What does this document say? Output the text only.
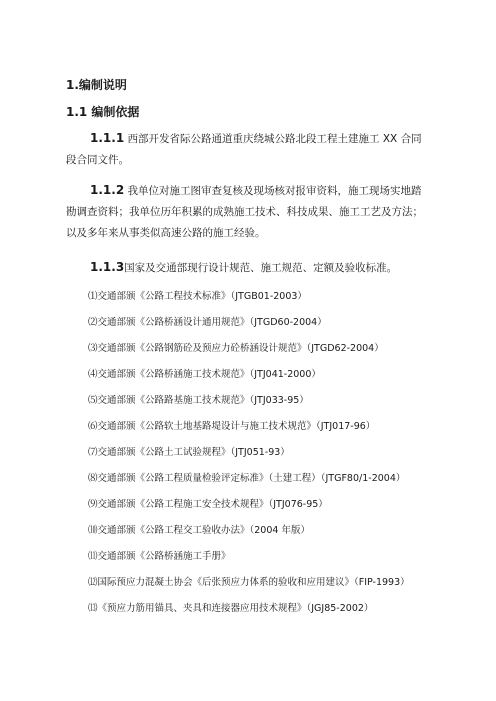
1.编制说明
1.1 编制依据
1.1.1 西部开发省际公路通道重庆绕城公路北段工程土建施工 XX 合同段合同文件。
1.1.2 我单位对施工图审查复核及现场核对报审资料，施工现场实地踏勘调查资料；我单位历年积累的成熟施工技术、科技成果、施工工艺及方法；以及多年来从事类似高速公路的施工经验。
1.1.3国家及交通部现行设计规范、施工规范、定额及验收标准。
⑴交通部颁《公路工程技术标准》（JTGB01-2003）
⑵交通部颁《公路桥涵设计通用规范》（JTGD60-2004）
⑶交通部颁《公路钢筋砼及预应力砼桥涵设计规范》（JTGD62-2004）
⑷交通部颁《公路桥涵施工技术规范》（JTJ041-2000）
⑸交通部颁《公路路基施工技术规范》（JTJ033-95）
⑹交通部颁《公路软土地基路堤设计与施工技术规范》（JTJ017-96）
⑺交通部颁《公路土工试验规程》（JTJ051-93）
⑻交通部颁《公路工程质量检验评定标准》（土建工程）（JTGF80/1-2004）
⑼交通部颁《公路工程施工安全技术规程》（JTJ076-95）
⑽交通部颁《公路工程交工验收办法》（2004 年版）
⑾交通部颁《公路桥涵施工手册》
⑿国际预应力混凝土协会《后张预应力体系的验收和应用建议》（FIP-1993）
⒀《预应力筋用锚具、夹具和连接器应用技术规程》（JGJ85-2002）
